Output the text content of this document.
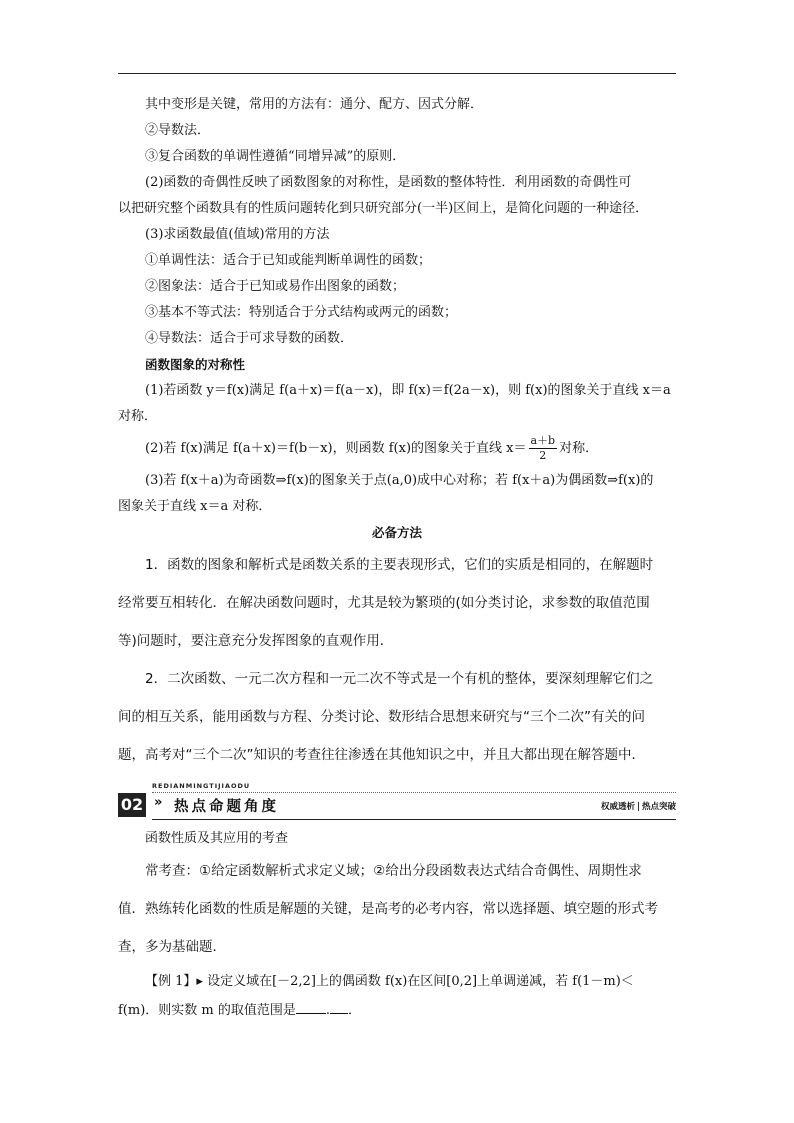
其中变形是关键，常用的方法有：通分、配方、因式分解．
②导数法．
③复合函数的单调性遵循“同增异减”的原则．
(2)函数的奇偶性反映了函数图象的对称性，是函数的整体特性．利用函数的奇偶性可
以把研究整个函数具有的性质问题转化到只研究部分(一半)区间上，是简化问题的一种途径．
(3)求函数最值(值域)常用的方法
①单调性法：适合于已知或能判断单调性的函数；
②图象法：适合于已知或易作出图象的函数；
③基本不等式法：特别适合于分式结构或两元的函数；
④导数法：适合于可求导数的函数．
函数图象的对称性
(1)若函数 y＝f(x)满足 f(a＋x)＝f(a－x)，即 f(x)＝f(2a－x)，则 f(x)的图象关于直线 x＝a
对称．
(2)若 f(x)满足 f(a＋x)＝f(b－x)，则函数 f(x)的图象关于直线 $x= \frac{a+b}{2}$ 对称．
(3)若 f(x＋a)为奇函数⇒f(x)的图象关于点(a,0)成中心对称；若 f(x＋a)为偶函数⇒f(x)的
图象关于直线 x＝a 对称．
必备方法
1．函数的图象和解析式是函数关系的主要表现形式，它们的实质是相同的，在解题时
经常要互相转化．在解决函数问题时，尤其是较为繁琐的(如分类讨论，求参数的取值范围
等)问题时，要注意充分发挥图象的直观作用．
2．二次函数、一元二次方程和一元二次不等式是一个有机的整体，要深刻理解它们之
间的相互关系，能用函数与方程、分类讨论、数形结合思想来研究与“三个二次”有关的问
题，高考对“三个二次”知识的考查往往渗透在其他知识之中，并且大都出现在解答题中．
REDIANMINGTIJIAODU
02 » 热点命题角度	权威透析 热点突破
函数性质及其应用的考查
常考查：①给定函数解析式求定义域；②给出分段函数表达式结合奇偶性、周期性求
值．熟练转化函数的性质是解题的关键，是高考的必考内容，常以选择题、填空题的形式考
查，多为基础题．
【例 1】▸ 设定义域在[－2,2]上的偶函数 f(x)在区间[0,2]上单调递减，若 f(1－m)＜
f(m)．则实数 m 的取值范围是 . ．
